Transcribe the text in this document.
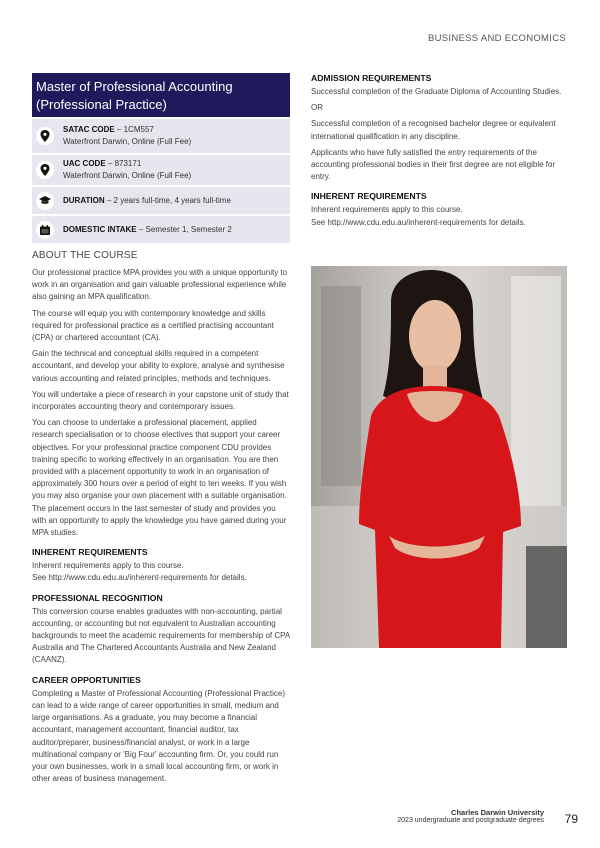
BUSINESS AND ECONOMICS
Master of Professional Accounting (Professional Practice)
SATAC CODE – 1CM557
Waterfront Darwin, Online (Full Fee)
UAC CODE – 873171
Waterfront Darwin, Online (Full Fee)
DURATION – 2 years full-time, 4 years full-time
DOMESTIC INTAKE – Semester 1, Semester 2
ABOUT THE COURSE

Our professional practice MPA provides you with a unique opportunity to work in an organisation and gain valuable professional experience while also gaining an MPA qualification.

The course will equip you with contemporary knowledge and skills required for professional practice as a certified practising accountant (CPA) or chartered accountant (CA).

Gain the technical and conceptual skills required in a competent accountant, and develop your ability to explore, analyse and synthesise various accounting and related principles, methods and techniques.

You will undertake a piece of research in your capstone unit of study that incorporates accounting theory and contemporary issues.

You can choose to undertake a professional placement, applied research specialisation or to choose electives that support your career objectives. For your professional practice component CDU provides training specific to working effectively in an organisation. You are then provided with a placement opportunity to work in an organisation of approximately 300 hours over a period of eight to ten weeks. If you wish you may also organise your own placement with a suitable organisation. The placement occurs in the last semester of study and provides you with an opportunity to apply the knowledge you have gained during your MPA studies.

INHERENT REQUIREMENTS

Inherent requirements apply to this course.
See http://www.cdu.edu.au/inherent-requirements for details.

PROFESSIONAL RECOGNITION

This conversion course enables graduates with non-accounting, partial accounting, or accounting but not equivalent to Australian accounting backgrounds to meet the academic requirements for membership of CPA Australia and The Chartered Accountants Australia and New Zealand (CAANZ).

CAREER OPPORTUNITIES

Completing a Master of Professional Accounting (Professional Practice) can lead to a wide range of career opportunities in small, medium and large organisations. As a graduate, you may become a financial accountant, management accountant, financial auditor, tax auditor/preparer, business/financial analyst, or work in a large multinational company or 'Big Four' accounting firm. Or, you could run your own businesses, work in a small local accounting firm, or work in other areas of business management.

ADMISSION REQUIREMENTS

Successful completion of the Graduate Diploma of Accounting Studies.

OR

Successful completion of a recognised bachelor degree or equivalent international qualification in any discipline.

Applicants who have fully satisfied the entry requirements of the accounting professional bodies in their first degree are not eligible for entry.

INHERENT REQUIREMENTS

Inherent requirements apply to this course.
See http://www.cdu.edu.au/inherent-requirements for details.

Charles Darwin University
2023 undergraduate and postgraduate degrees 79
